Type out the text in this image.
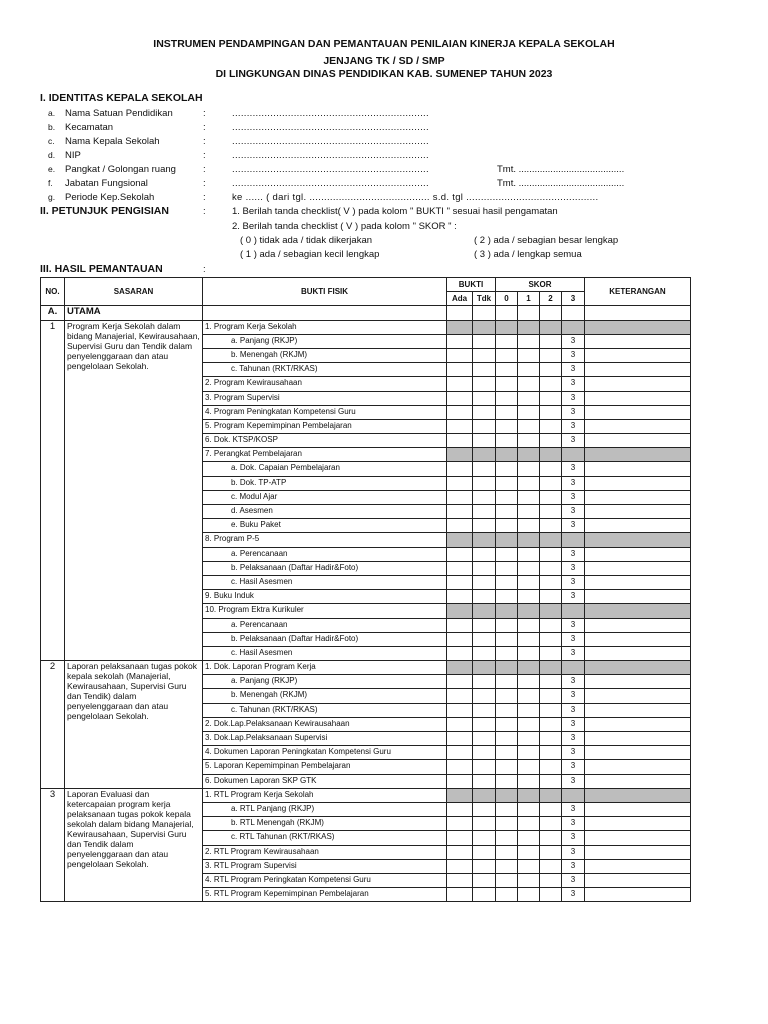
INSTRUMEN PENDAMPINGAN DAN PEMANTAUAN PENILAIAN KINERJA KEPALA SEKOLAH
JENJANG TK / SD / SMP
DI LINGKUNGAN DINAS PENDIDIKAN KAB. SUMENEP TAHUN 2023
I. IDENTITAS KEPALA SEKOLAH
a. Nama Satuan Pendidikan	:	...................................................................
b. Kecamatan	:	...................................................................
c. Nama Kepala Sekolah	:	...................................................................
d. NIP	:	...................................................................
e. Pangkat / Golongan ruang	:	...................................................................	Tmt. ........................................
f. Jabatan Fungsional	:	...................................................................	Tmt. ........................................
g. Periode Kep.Sekolah	:	ke ...... ( dari tgl. ......................................... s.d. tgl .............................................
II. PETUNJUK PENGISIAN	:	1. Berilah tanda checklist( V ) pada kolom " BUKTI " sesuai hasil pengamatan
2. Berilah tanda checklist ( V ) pada kolom " SKOR " :
( 0 ) tidak ada / tidak dikerjakan	( 2 ) ada / sebagian besar lengkap
( 1 ) ada / sebagian kecil lengkap	( 3 ) ada / lengkap semua
III. HASIL PEMANTAUAN	:
NO.	SASARAN	BUKTI FISIK	BUKTI		SKOR				KETERANGAN
			Ada	Tdk	0	1	2	3	
A.	UTAMA								
1	Program Kerja Sekolah dalam bidang Manajerial, Kewirausahaan, Supervisi Guru dan Tendik dalam penyelenggaraan dan atau pengelolaan Sekolah.	1. Program Kerja Sekolah							
		a. Panjang (RKJP)						3	
		b. Menengah (RKJM)						3	
		c. Tahunan (RKT/RKAS)						3	
		2. Program Kewirausahaan						3	
		3. Program Supervisi						3	
		4. Program Peningkatan Kompetensi Guru						3	
		5. Program Kepemimpinan Pembelajaran						3	
		6. Dok. KTSP/KOSP						3	
		7. Perangkat Pembelajaran							
		a. Dok. Capaian Pembelajaran						3	
		b. Dok. TP-ATP						3	
		c. Modul Ajar						3	
		d. Asesmen						3	
		e. Buku Paket						3	
		8. Program P-5							
		a. Perencanaan						3	
		b. Pelaksanaan (Daftar Hadir&Foto)						3	
		c. Hasil Asesmen						3	
		9. Buku Induk						3	
		10. Program Ektra Kurikuler							
		a. Perencanaan						3	
		b. Pelaksanaan (Daftar Hadir&Foto)						3	
		c. Hasil Asesmen						3	
2	Laporan pelaksanaan tugas pokok kepala sekolah (Manajerial, Kewirausahaan, Supervisi Guru dan Tendik) dalam penyelenggaraan dan atau pengelolaan Sekolah.	1. Dok. Laporan Program Kerja							
		a. Panjang (RKJP)						3	
		b. Menengah (RKJM)						3	
		c. Tahunan (RKT/RKAS)						3	
		2. Dok.Lap.Pelaksanaan Kewirausahaan						3	
		3. Dok.Lap.Pelaksanaan Supervisi						3	
		4. Dokumen Laporan Peningkatan Kompetensi Guru						3	
		5. Laporan Kepemimpinan Pembelajaran						3	
		6. Dokumen Laporan SKP GTK						3	
3	Laporan Evaluasi dan ketercapaian program kerja pelaksanaan tugas pokok kepala sekolah dalam bidang Manajerial, Kewirausahaan, Supervisi Guru dan Tendik dalam penyelenggaraan dan atau pengelolaan Sekolah.	1. RTL Program Kerja Sekolah							
		a. RTL Panjang (RKJP)						3	
		b. RTL Menengah (RKJM)						3	
		c. RTL Tahunan (RKT/RKAS)						3	
		2. RTL Program Kewirausahaan						3	
		3. RTL Program Supervisi						3	
		4. RTL Program Peringkatan Kompetensi Guru						3	
		5. RTL Program Kepemimpinan Pembelajaran						3	
